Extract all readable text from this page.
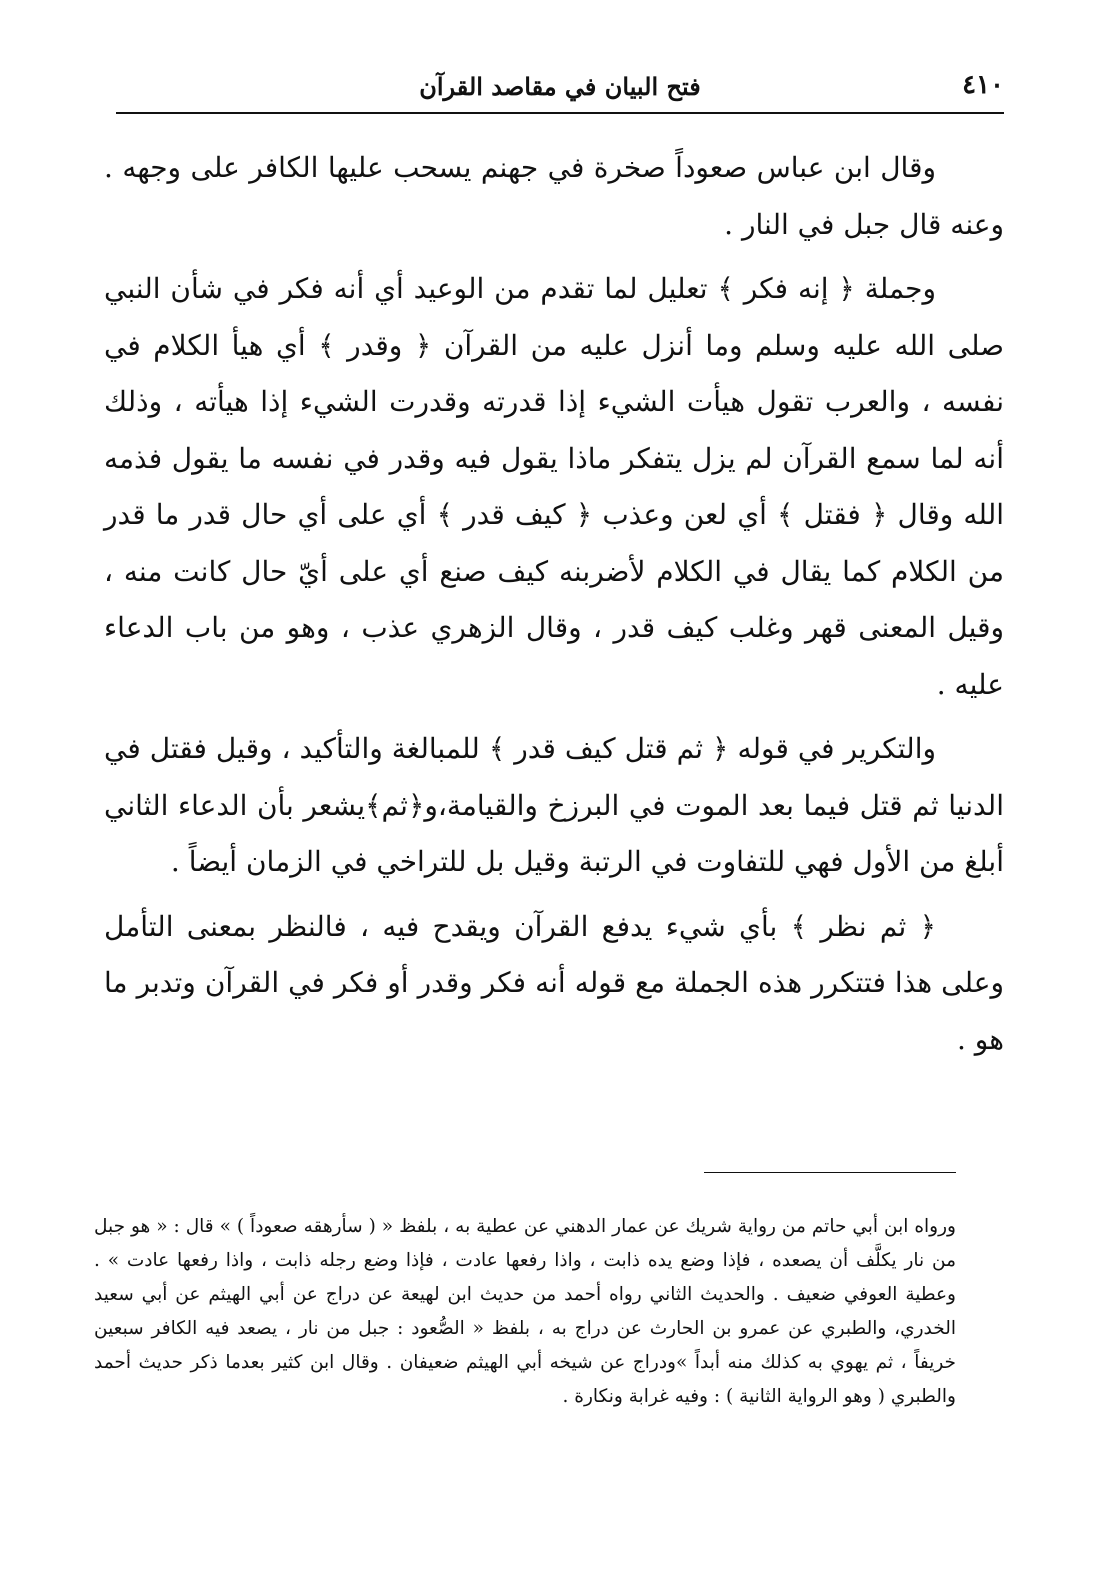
٤١٠
فتح البيان في مقاصد القرآن

وقال ابن عباس صعوداً صخرة في جهنم يسحب عليها الكافر على وجهه . وعنه قال جبل في النار .

وجملة ﴿ إنه فكر ﴾ تعليل لما تقدم من الوعيد أي أنه فكر في شأن النبي صلى الله عليه وسلم وما أنزل عليه من القرآن ﴿ وقدر ﴾ أي هيأ الكلام في نفسه ، والعرب تقول هيأت الشيء إذا قدرته وقدرت الشيء إذا هيأته ، وذلك أنه لما سمع القرآن لم يزل يتفكر ماذا يقول فيه وقدر في نفسه ما يقول فذمه الله وقال ﴿ فقتل ﴾ أي لعن وعذب ﴿ كيف قدر ﴾ أي على أي حال قدر ما قدر من الكلام كما يقال في الكلام لأضربنه كيف صنع أي على أيّ حال كانت منه ، وقيل المعنى قهر وغلب كيف قدر ، وقال الزهري عذب ، وهو من باب الدعاء عليه .

والتكرير في قوله ﴿ ثم قتل كيف قدر ﴾ للمبالغة والتأكيد ، وقيل فقتل في الدنيا ثم قتل فيما بعد الموت في البرزخ والقيامة،و﴿ثم﴾يشعر بأن الدعاء الثاني أبلغ من الأول فهي للتفاوت في الرتبة وقيل بل للتراخي في الزمان أيضاً .

﴿ ثم نظر ﴾ بأي شيء يدفع القرآن ويقدح فيه ، فالنظر بمعنى التأمل وعلى هذا فتتكرر هذه الجملة مع قوله أنه فكر وقدر أو فكر في القرآن وتدبر ما هو .

ورواه ابن أبي حاتم من رواية شريك عن عمار الدهني عن عطية به ، بلفظ « ( سأرهقه صعوداً ) » قال : « هو جبل من نار يكلَّف أن يصعده ، فإذا وضع يده ذابت ، واذا رفعها عادت ، فإذا وضع رجله ذابت ، واذا رفعها عادت » . وعطية العوفي ضعيف . والحديث الثاني رواه أحمد من حديث ابن لهيعة عن دراج عن أبي الهيثم عن أبي سعيد الخدري، والطبري عن عمرو بن الحارث عن دراج به ، بلفظ « الصُّعود : جبل من نار ، يصعد فيه الكافر سبعين خريفاً ، ثم يهوي به كذلك منه أبداً »ودراج عن شيخه أبي الهيثم ضعيفان . وقال ابن كثير بعدما ذكر حديث أحمد والطبري ( وهو الرواية الثانية ) : وفيه غرابة ونكارة .
